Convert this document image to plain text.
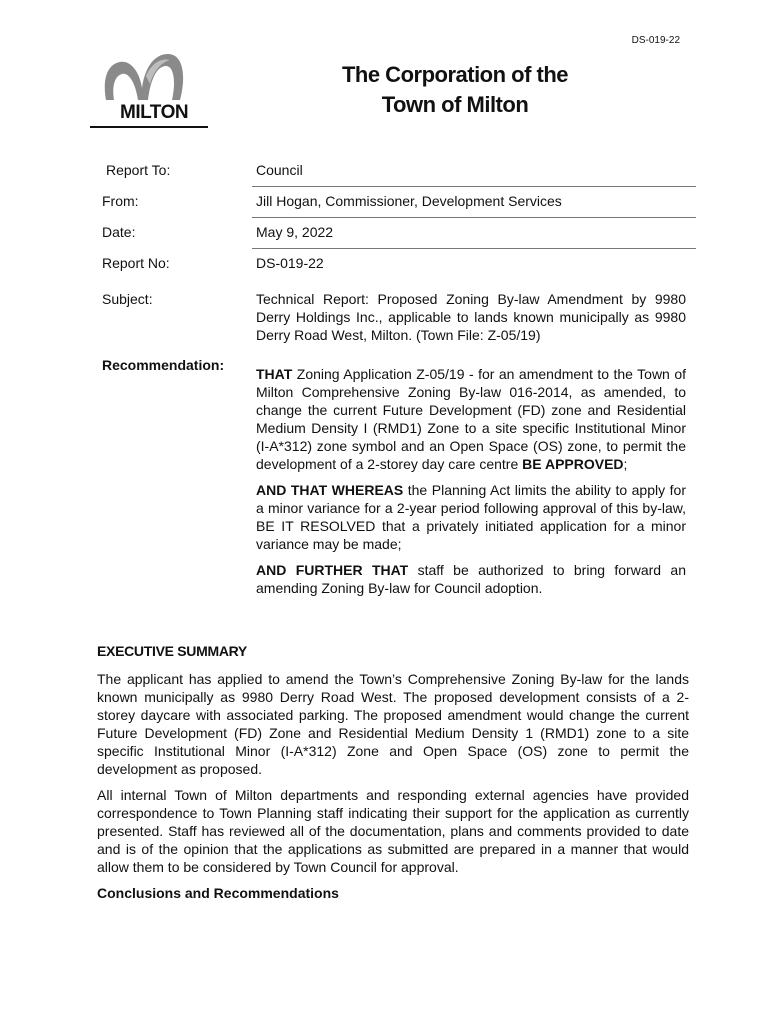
DS-019-22
MILTON
The Corporation of the
Town of Milton
Report To:	Council
From:	Jill Hogan, Commissioner, Development Services
Date:	May 9, 2022
Report No:	DS-019-22
Subject:	Technical Report: Proposed Zoning By-law Amendment by 9980 Derry Holdings Inc., applicable to lands known municipally as 9980 Derry Road West, Milton. (Town File: Z-05/19)
Recommendation:

THAT Zoning Application Z-05/19 - for an amendment to the Town of Milton Comprehensive Zoning By-law 016-2014, as amended, to change the current Future Development (FD) zone and Residential Medium Density I (RMD1) Zone to a site specific Institutional Minor (I-A*312) zone symbol and an Open Space (OS) zone, to permit the development of a 2-storey day care centre BE APPROVED;

AND THAT WHEREAS the Planning Act limits the ability to apply for a minor variance for a 2-year period following approval of this by-law, BE IT RESOLVED that a privately initiated application for a minor variance may be made;

AND FURTHER THAT staff be authorized to bring forward an amending Zoning By-law for Council adoption.

EXECUTIVE SUMMARY

The applicant has applied to amend the Town’s Comprehensive Zoning By-law for the lands known municipally as 9980 Derry Road West. The proposed development consists of a 2-storey daycare with associated parking. The proposed amendment would change the current Future Development (FD) Zone and Residential Medium Density 1 (RMD1) zone to a site specific Institutional Minor (I-A*312) Zone and Open Space (OS) zone to permit the development as proposed.

All internal Town of Milton departments and responding external agencies have provided correspondence to Town Planning staff indicating their support for the application as currently presented. Staff has reviewed all of the documentation, plans and comments provided to date and is of the opinion that the applications as submitted are prepared in a manner that would allow them to be considered by Town Council for approval.

Conclusions and Recommendations
